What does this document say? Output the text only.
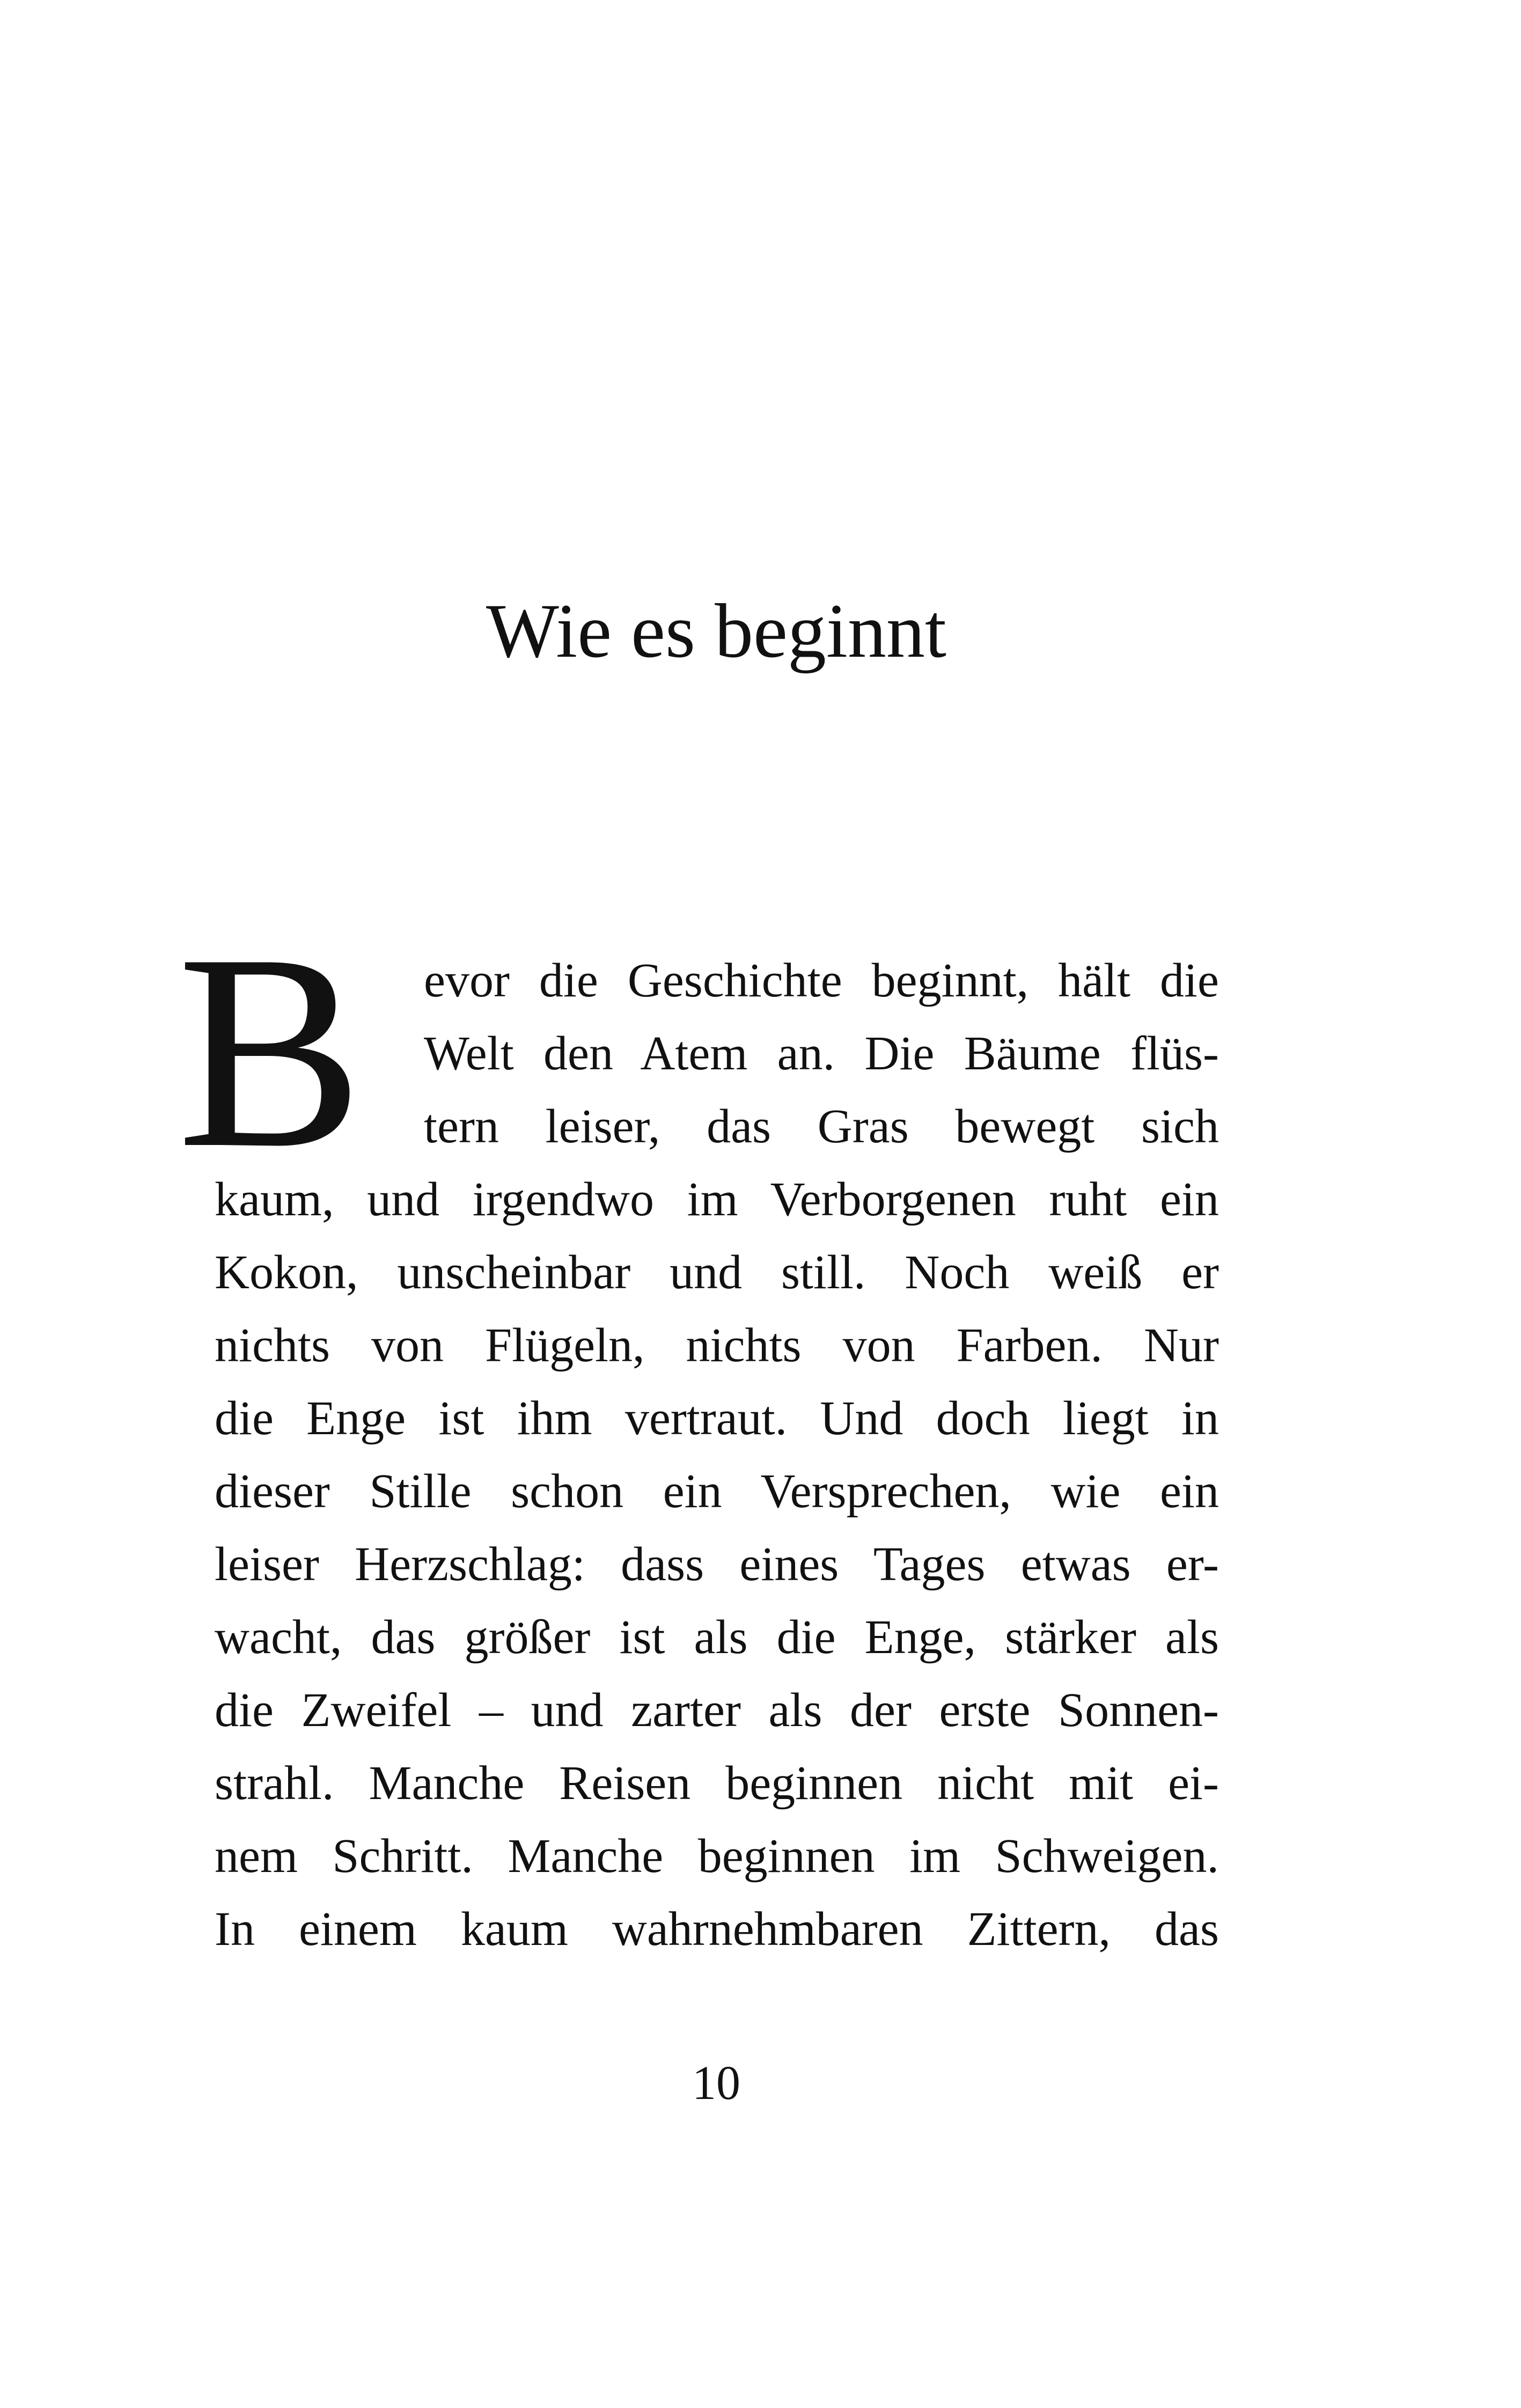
Wie es beginnt
B evor die Geschichte beginnt, hält die
Welt den Atem an. Die Bäume flüs-
tern leiser, das Gras bewegt sich
kaum, und irgendwo im Verborgenen ruht ein
Kokon, unscheinbar und still. Noch weiß er
nichts von Flügeln, nichts von Farben. Nur
die Enge ist ihm vertraut. Und doch liegt in
dieser Stille schon ein Versprechen, wie ein
leiser Herzschlag: dass eines Tages etwas er-
wacht, das größer ist als die Enge, stärker als
die Zweifel – und zarter als der erste Sonnen-
strahl. Manche Reisen beginnen nicht mit ei-
nem Schritt. Manche beginnen im Schweigen.
In einem kaum wahrnehmbaren Zittern, das
10
